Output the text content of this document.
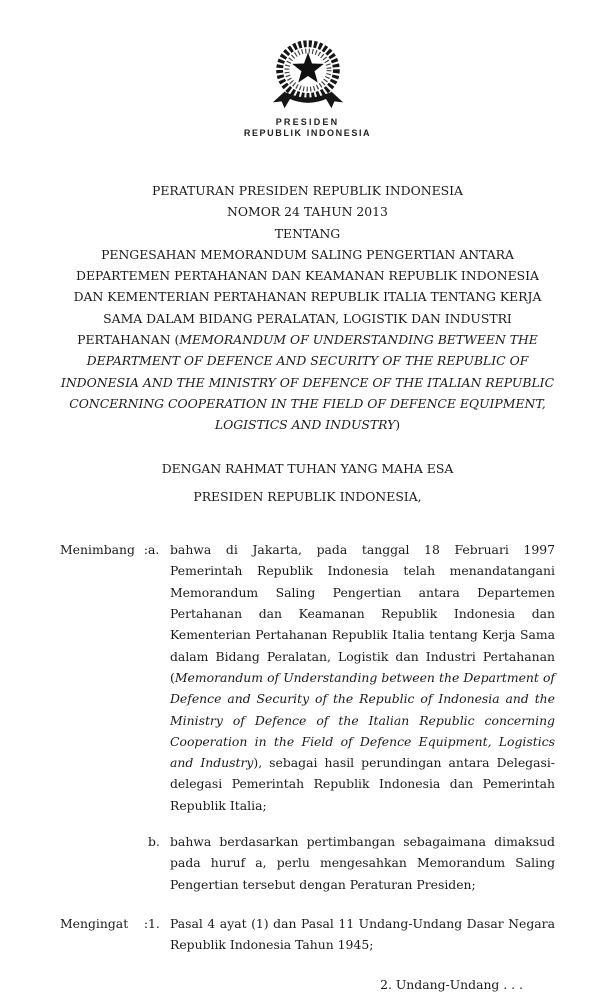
PRESIDEN
REPUBLIK INDONESIA
PERATURAN PRESIDEN REPUBLIK INDONESIA
NOMOR 24 TAHUN 2013
TENTANG

PENGESAHAN MEMORANDUM SALING PENGERTIAN ANTARA DEPARTEMEN PERTAHANAN DAN KEAMANAN REPUBLIK INDONESIA DAN KEMENTERIAN PERTAHANAN REPUBLIK ITALIA TENTANG KERJA SAMA DALAM BIDANG PERALATAN, LOGISTIK DAN INDUSTRI PERTAHANAN (MEMORANDUM OF UNDERSTANDING BETWEEN THE DEPARTMENT OF DEFENCE AND SECURITY OF THE REPUBLIC OF INDONESIA AND THE MINISTRY OF DEFENCE OF THE ITALIAN REPUBLIC CONCERNING COOPERATION IN THE FIELD OF DEFENCE EQUIPMENT, LOGISTICS AND INDUSTRY)

DENGAN RAHMAT TUHAN YANG MAHA ESA
PRESIDEN REPUBLIK INDONESIA,
Menimbang : a. bahwa di Jakarta, pada tanggal 18 Februari 1997 Pemerintah Republik Indonesia telah menandatangani Memorandum Saling Pengertian antara Departemen Pertahanan dan Keamanan Republik Indonesia dan Kementerian Pertahanan Republik Italia tentang Kerja Sama dalam Bidang Peralatan, Logistik dan Industri Pertahanan (Memorandum of Understanding between the Department of Defence and Security of the Republic of Indonesia and the Ministry of Defence of the Italian Republic concerning Cooperation in the Field of Defence Equipment, Logistics and Industry), sebagai hasil perundingan antara Delegasi-delegasi Pemerintah Republik Indonesia dan Pemerintah Republik Italia;

b. bahwa berdasarkan pertimbangan sebagaimana dimaksud pada huruf a, perlu mengesahkan Memorandum Saling Pengertian tersebut dengan Peraturan Presiden;

Mengingat : 1. Pasal 4 ayat (1) dan Pasal 11 Undang-Undang Dasar Negara Republik Indonesia Tahun 1945;

2. Undang-Undang . . .
